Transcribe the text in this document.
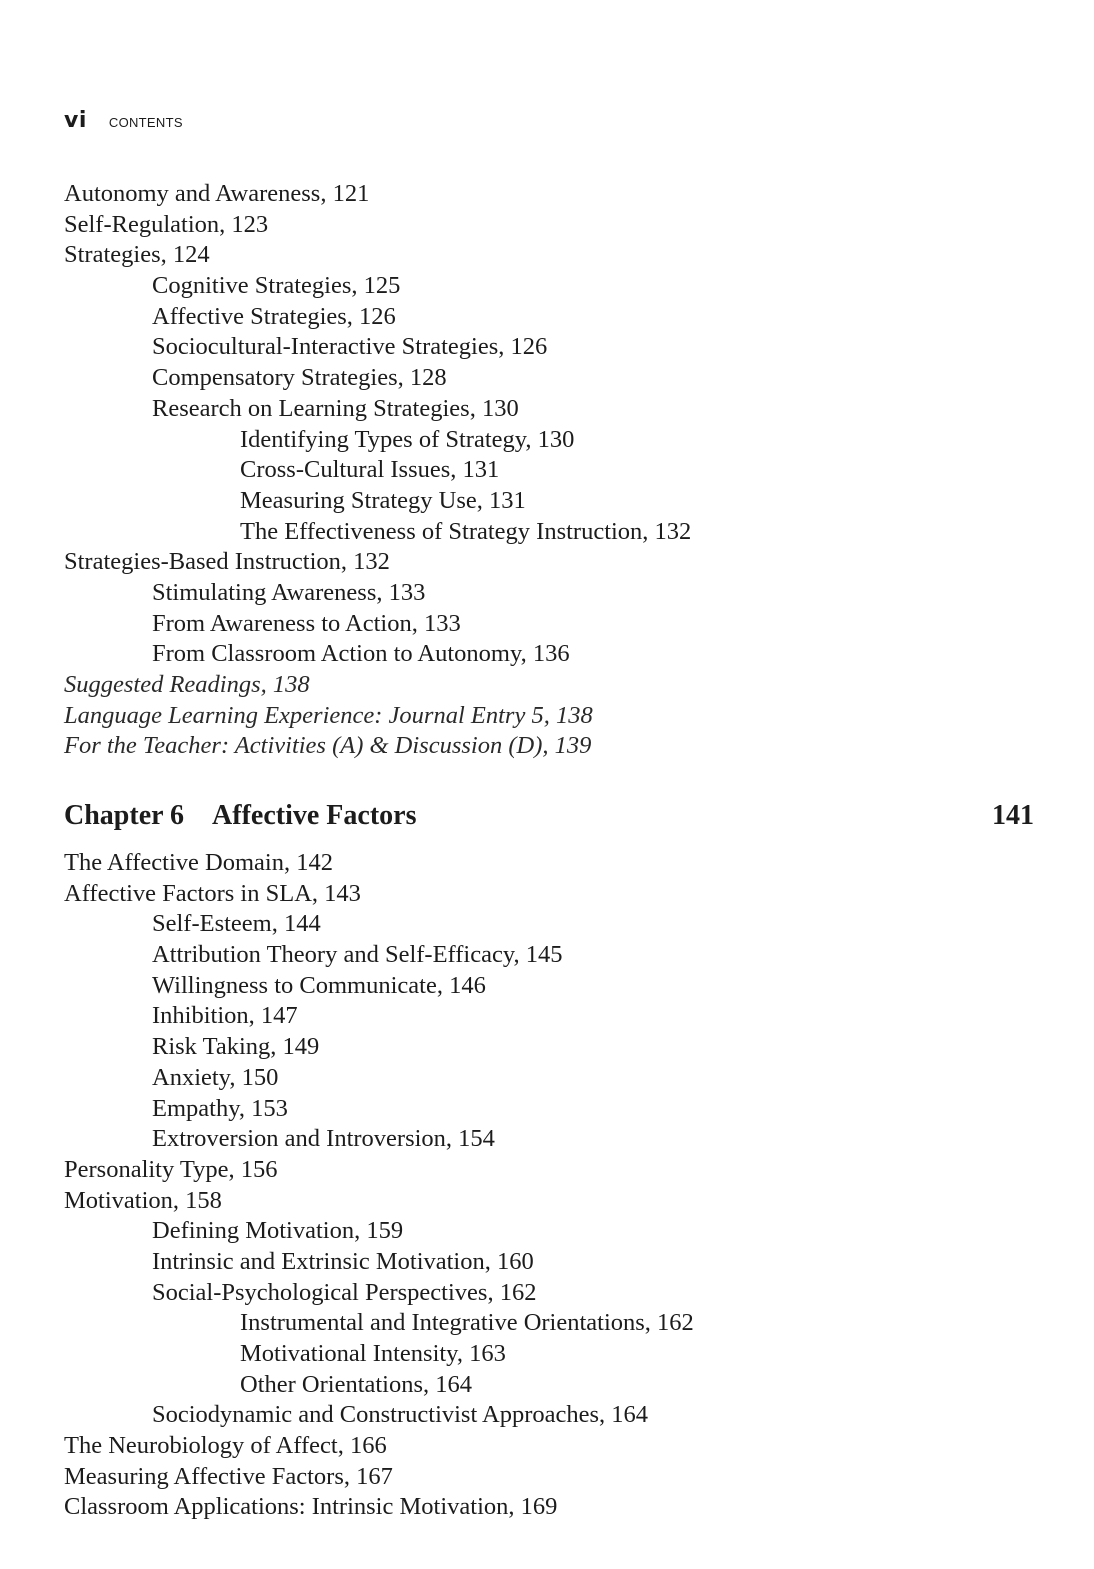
vi CONTENTS
Autonomy and Awareness, 121
Self-Regulation, 123
Strategies, 124
Cognitive Strategies, 125
Affective Strategies, 126
Sociocultural-Interactive Strategies, 126
Compensatory Strategies, 128
Research on Learning Strategies, 130
Identifying Types of Strategy, 130
Cross-Cultural Issues, 131
Measuring Strategy Use, 131
The Effectiveness of Strategy Instruction, 132
Strategies-Based Instruction, 132
Stimulating Awareness, 133
From Awareness to Action, 133
From Classroom Action to Autonomy, 136
Suggested Readings, 138
Language Learning Experience: Journal Entry 5, 138
For the Teacher: Activities (A) & Discussion (D), 139
Chapter 6 Affective Factors	141
The Affective Domain, 142
Affective Factors in SLA, 143
Self-Esteem, 144
Attribution Theory and Self-Efficacy, 145
Willingness to Communicate, 146
Inhibition, 147
Risk Taking, 149
Anxiety, 150
Empathy, 153
Extroversion and Introversion, 154
Personality Type, 156
Motivation, 158
Defining Motivation, 159
Intrinsic and Extrinsic Motivation, 160
Social-Psychological Perspectives, 162
Instrumental and Integrative Orientations, 162
Motivational Intensity, 163
Other Orientations, 164
Sociodynamic and Constructivist Approaches, 164
The Neurobiology of Affect, 166
Measuring Affective Factors, 167
Classroom Applications: Intrinsic Motivation, 169
